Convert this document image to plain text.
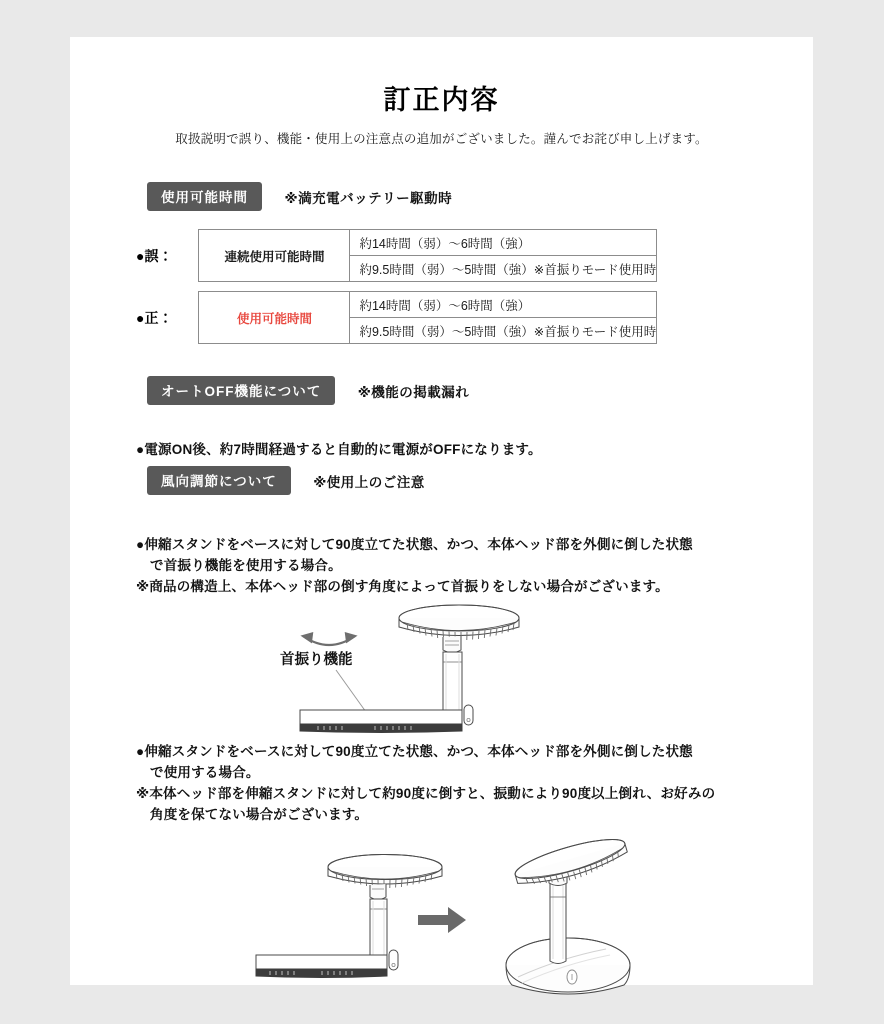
訂正内容
取扱説明で誤り、機能・使用上の注意点の追加がございました。謹んでお詫び申し上げます。
使用可能時間	※満充電バッテリー駆動時
●誤：	連続使用可能時間	約14時間（弱）〜6時間（強）
約9.5時間（弱）〜5時間（強）※首振りモード使用時
●正：	使用可能時間	約14時間（弱）〜6時間（強）
約9.5時間（弱）〜5時間（強）※首振りモード使用時
オートOFF機能について	※機能の掲載漏れ
●電源ON後、約7時間経過すると自動的に電源がOFFになります。
風向調節について	※使用上のご注意
●伸縮スタンドをベースに対して90度立てた状態、かつ、本体ヘッド部を外側に倒した状態
で首振り機能を使用する場合。
※商品の構造上、本体ヘッド部の倒す角度によって首振りをしない場合がございます。
首振り機能
●伸縮スタンドをベースに対して90度立てた状態、かつ、本体ヘッド部を外側に倒した状態
で使用する場合。
※本体ヘッド部を伸縮スタンドに対して約90度に倒すと、振動により90度以上倒れ、お好みの
角度を保てない場合がございます。
